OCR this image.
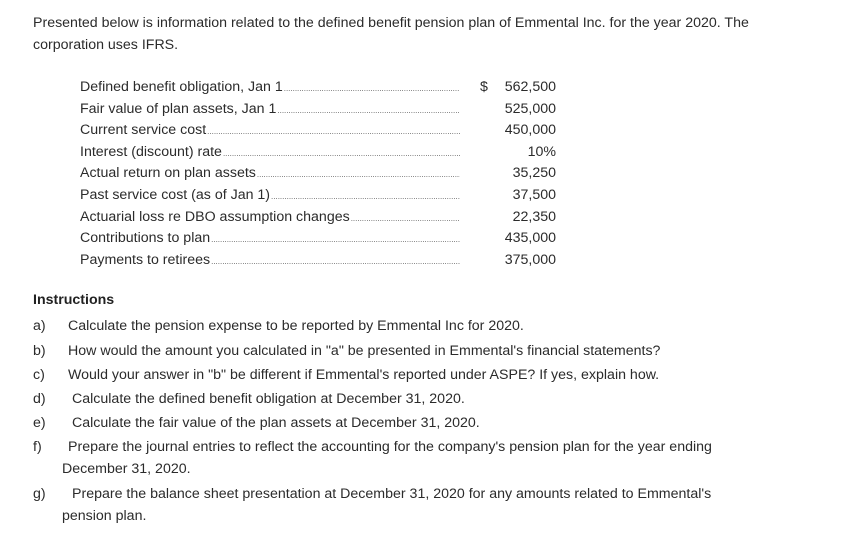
Presented below is information related to the defined benefit pension plan of Emmental Inc. for the year 2020. The corporation uses IFRS.
Defined benefit obligation, Jan 1 .....	$	562,500
Fair value of plan assets, Jan 1 .....	525,000
Current service cost .....	450,000
Interest (discount) rate .....	10%
Actual return on plan assets .....	35,250
Past service cost (as of Jan 1) .....	37,500
Actuarial loss re DBO assumption changes .....	22,350
Contributions to plan .....	435,000
Payments to retirees .....	375,000
Instructions
a)	Calculate the pension expense to be reported by Emmental Inc for 2020.
b)	How would the amount you calculated in "a" be presented in Emmental's financial statements?
c)	Would your answer in "b" be different if Emmental's reported under ASPE? If yes, explain how.
d)	Calculate the defined benefit obligation at December 31, 2020.
e)	Calculate the fair value of the plan assets at December 31, 2020.
f)	Prepare the journal entries to reflect the accounting for the company's pension plan for the year ending
December 31, 2020.
g)	Prepare the balance sheet presentation at December 31, 2020 for any amounts related to Emmental's
pension plan.
